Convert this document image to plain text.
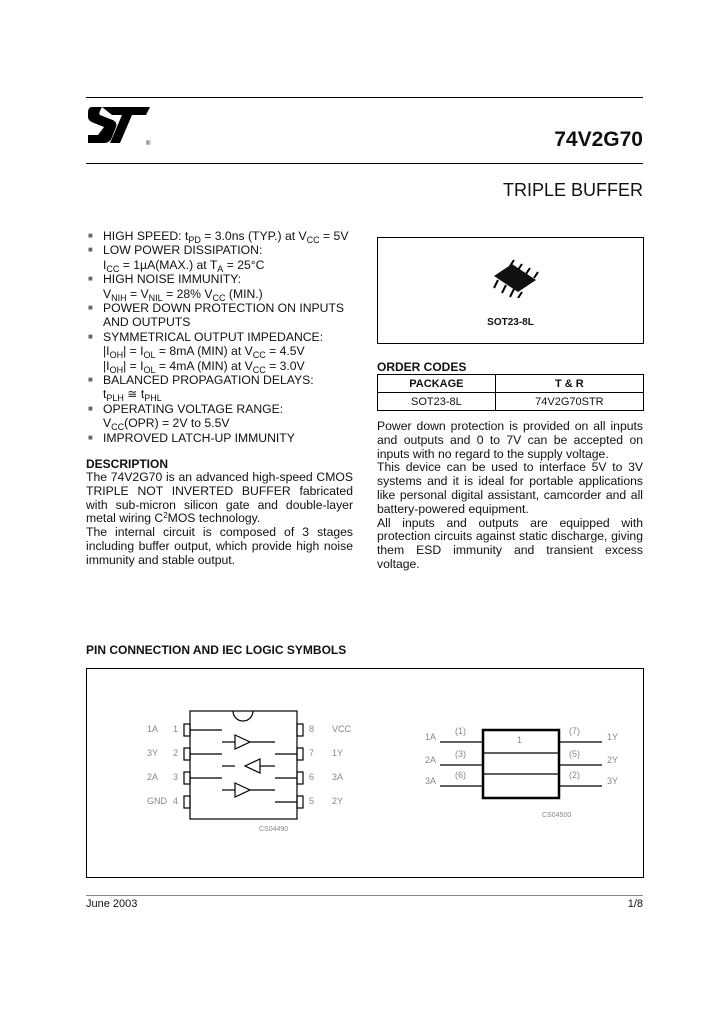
®	74V2G70
TRIPLE BUFFER
■ HIGH SPEED: $t_{PD} = 3.0ns$ (TYP.) at $V_{CC} = 5V$
■ LOW POWER DISSIPATION:
$I_{CC} = 1\mu A(MAX.)$ at $T_A = 25^\circ C$
■ HIGH NOISE IMMUNITY:
$V_{NIH} = V_{NIL} = 28\%$ $V_{CC}$ (MIN.)
■ POWER DOWN PROTECTION ON INPUTS
AND OUTPUTS
■ SYMMETRICAL OUTPUT IMPEDANCE:
$|I_{OH}| = I_{OL} = 8mA$ (MIN) at $V_{CC} = 4.5V$
$|I_{OH}| = I_{OL} = 4mA$ (MIN) at $V_{CC} = 3.0V$
■ BALANCED PROPAGATION DELAYS:
$t_{PLH}$ ≅ $t_{PHL}$
■ OPERATING VOLTAGE RANGE:
$V_{CC}(OPR) = 2V$ to 5.5V
■ IMPROVED LATCH-UP IMMUNITY
DESCRIPTION
The 74V2G70 is an advanced high-speed CMOS TRIPLE NOT INVERTED BUFFER fabricated with sub-micron silicon gate and double-layer metal wiring $C^2MOS$ technology.
The internal circuit is composed of 3 stages including buffer output, which provide high noise immunity and stable output.
SOT23-8L
ORDER CODES
PACKAGE	T & R
SOT23-8L	74V2G70STR
Power down protection is provided on all inputs and outputs and 0 to 7V can be accepted on inputs with no regard to the supply voltage.
This device can be used to interface 5V to 3V systems and it is ideal for portable applications like personal digital assistant, camcorder and all battery-powered equipment.
All inputs and outputs are equipped with protection circuits against static discharge, giving them ESD immunity and transient excess voltage.
PIN CONNECTION AND IEC LOGIC SYMBOLS
1A 1	8 VCC
3Y 2	7 1Y
2A 3	6 3A
GND 4	5 2Y
1A
(1)	(7)
1Y
2A
(3)	(5)
2Y
3A
(6)	(2)
3Y
CS04490
1
CS04500
June 2003	1/8
